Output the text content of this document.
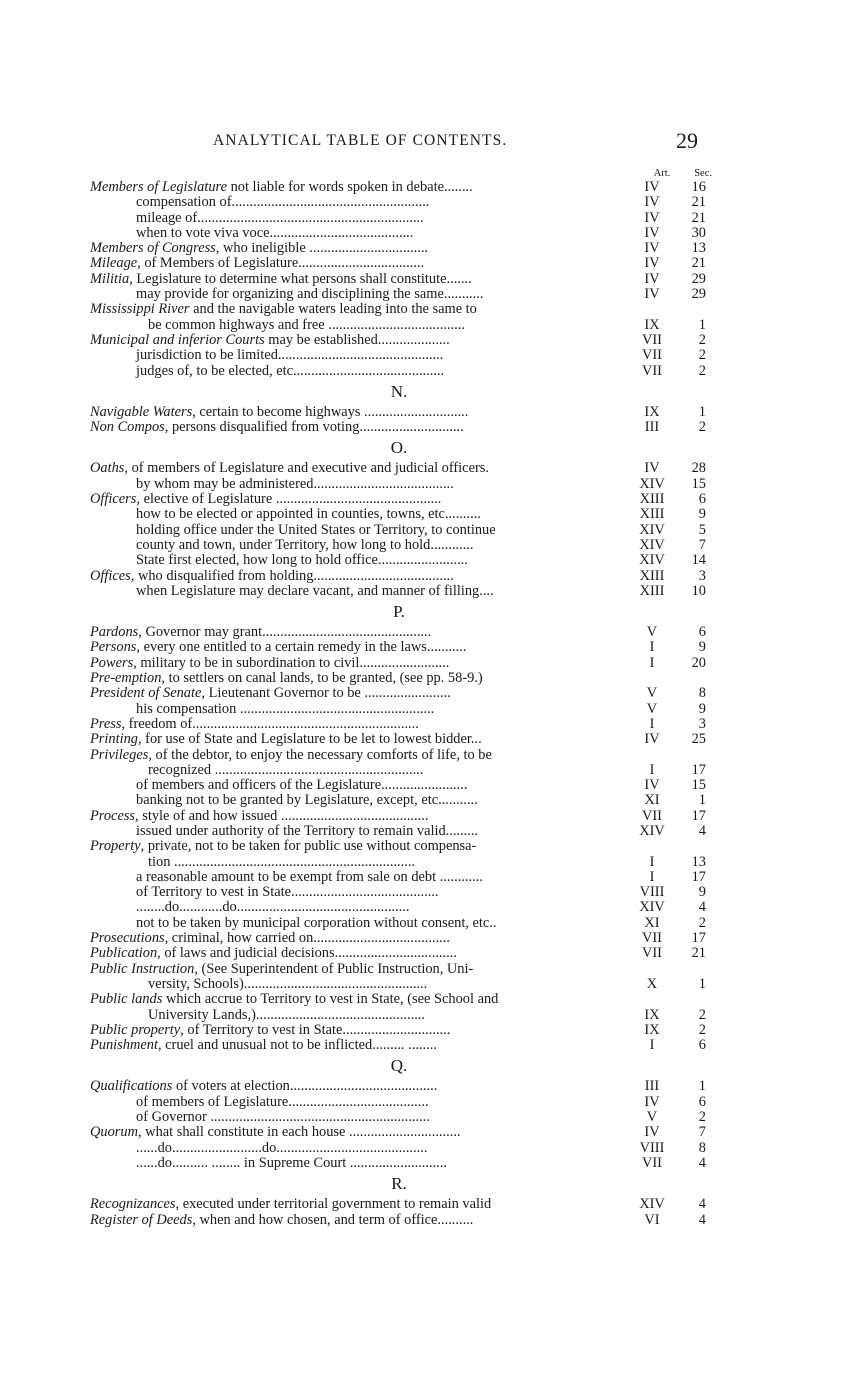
ANALYTICAL TABLE OF CONTENTS.	29
Art.	Sec.
Members of Legislature not liable for words spoken in debate........	IV	16
compensation of.......................................................	IV	21
mileage of...............................................................	IV	21
when to vote viva voce........................................	IV	30
Members of Congress, who ineligible .................................	IV	13
Mileage, of Members of Legislature...................................	IV	21
Militia, Legislature to determine what persons shall constitute.......	IV	29
may provide for organizing and disciplining the same...........	IV	29
Mississippi River and the navigable waters leading into the same to
be common highways and free ......................................	IX	1
Municipal and inferior Courts may be established....................	VII	2
jurisdiction to be limited..............................................	VII	2
judges of, to be elected, etc..........................................	VII	2
N.
Navigable Waters, certain to become highways .............................	IX	1
Non Compos, persons disqualified from voting.............................	III	2
O.
Oaths, of members of Legislature and executive and judicial officers.	IV	28
by whom may be administered.......................................	XIV	15
Officers, elective of Legislature ..............................................	XIII	6
how to be elected or appointed in counties, towns, etc..........	XIII	9
holding office under the United States or Territory, to continue	XIV	5
county and town, under Territory, how long to hold............	XIV	7
State first elected, how long to hold office.........................	XIV	14
Offices, who disqualified from holding.......................................	XIII	3
when Legislature may declare vacant, and manner of filling....	XIII	10
P.
Pardons, Governor may grant...............................................	V	6
Persons, every one entitled to a certain remedy in the laws...........	I	9
Powers, military to be in subordination to civil.........................	I	20
Pre-emption, to settlers on canal lands, to be granted, (see pp. 58-9.)
President of Senate, Lieutenant Governor to be ........................	V	8
his compensation ......................................................	V	9
Press, freedom of...............................................................	I	3
Printing, for use of State and Legislature to be let to lowest bidder...	IV	25
Privileges, of the debtor, to enjoy the necessary comforts of life, to be
recognized ..........................................................	I	17
of members and officers of the Legislature........................	IV	15
banking not to be granted by Legislature, except, etc...........	XI	1
Process, style of and how issued .........................................	VII	17
issued under authority of the Territory to remain valid.........	XIV	4
Property, private, not to be taken for public use without compensa-
tion ...................................................................	I	13
a reasonable amount to be exempt from sale on debt ............	I	17
of Territory to vest in State.........................................	VIII	9
........do............do................................................	XIV	4
not to be taken by municipal corporation without consent, etc..	XI	2
Prosecutions, criminal, how carried on......................................	VII	17
Publication, of laws and judicial decisions..................................	VII	21
Public Instruction, (See Superintendent of Public Instruction, Uni-
versity, Schools)...................................................	X	1
Public lands which accrue to Territory to vest in State, (see School and
University Lands,)...............................................	IX	2
Public property, of Territory to vest in State..............................	IX	2
Punishment, cruel and unusual not to be inflicted......... ........	I	6
Q.
Qualifications of voters at election.........................................	III	1
of members of Legislature.......................................	IV	6
of Governor .............................................................	V	2
Quorum, what shall constitute in each house ...............................	IV	7
......do.........................do..........................................	VIII	8
......do.......... ........ in Supreme Court ...........................	VII	4
R.
Recognizances, executed under territorial government to remain valid	XIV	4
Register of Deeds, when and how chosen, and term of office..........	VI	4
